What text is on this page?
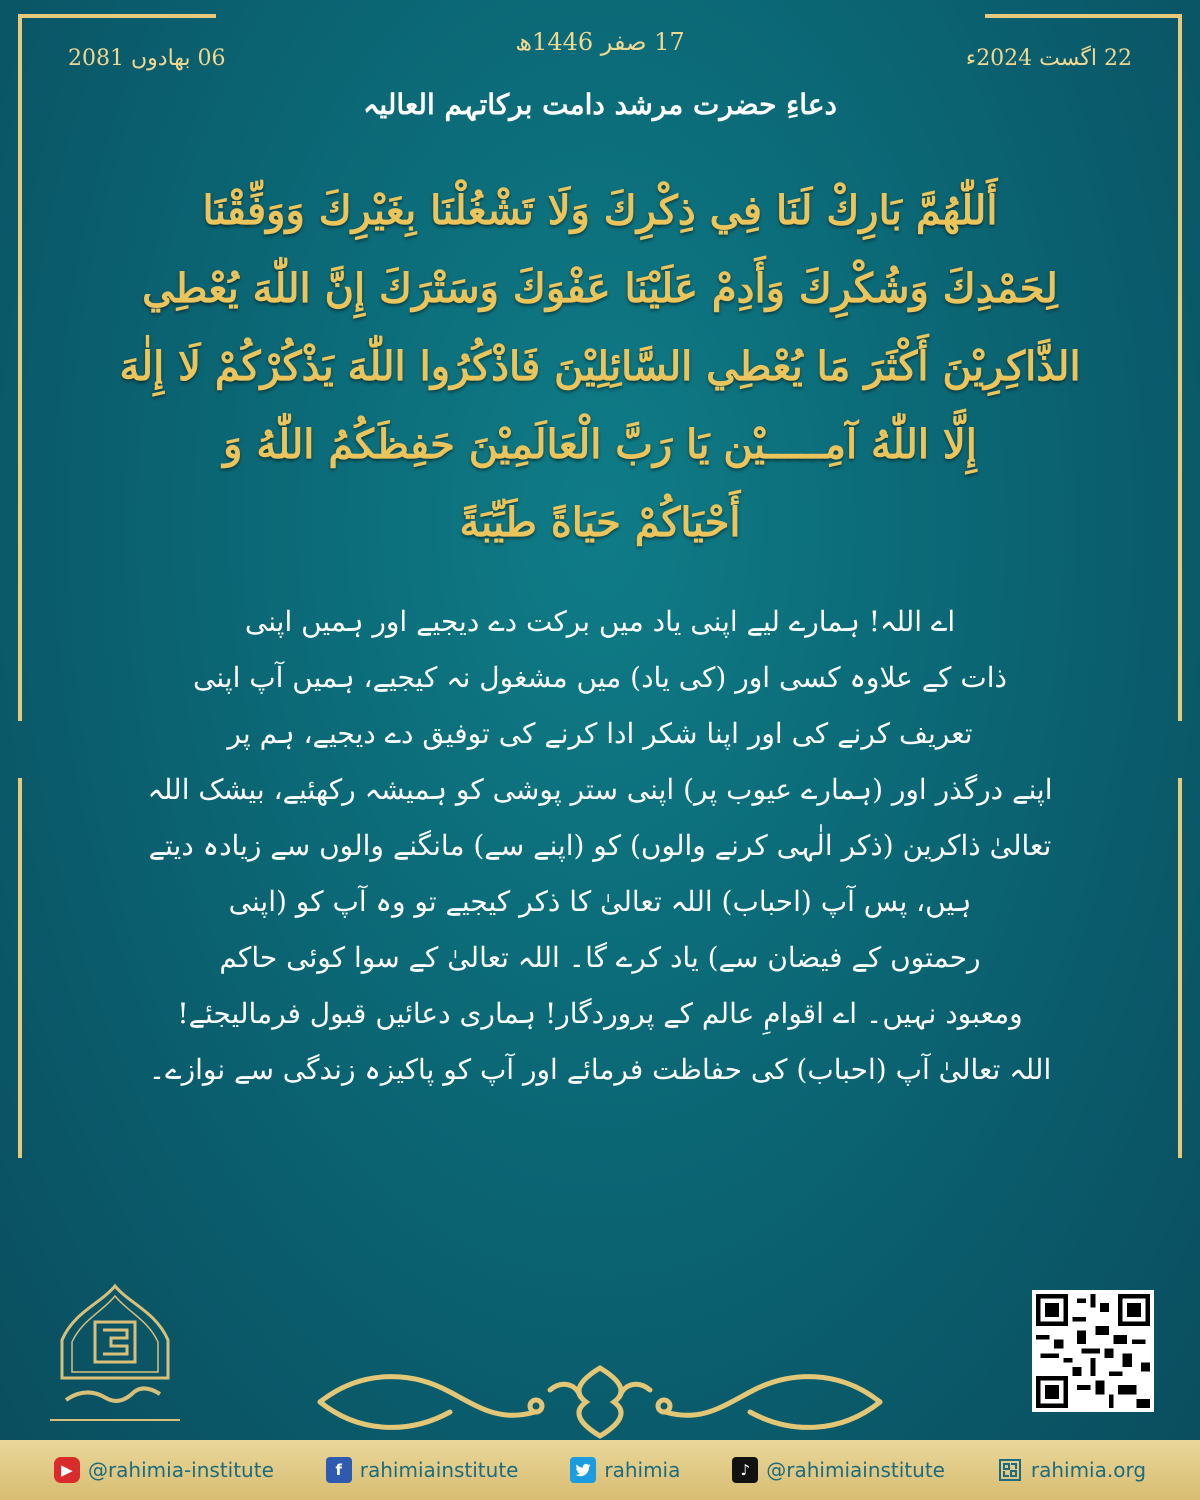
17 صفر 1446ھ
22 اگست 2024ء
06 بھادوں 2081
دعاءِ حضرت مرشد دامت برکاتہم العالیہ
أَللّٰهُمَّ بَارِكْ لَنَا فِي ذِكْرِكَ وَلَا تَشْغُلْنَا بِغَيْرِكَ وَوَفِّقْنَا
لِحَمْدِكَ وَشُكْرِكَ وَأَدِمْ عَلَيْنَا عَفْوَكَ وَسَتْرَكَ إِنَّ اللّٰهَ يُعْطِي
الذَّاكِرِيْنَ أَكْثَرَ مَا يُعْطِي السَّائِلِيْنَ فَاذْكُرُوا اللّٰهَ يَذْكُرْكُمْ لَا إِلٰهَ
إِلَّا اللّٰهُ آمِـــــيْن يَا رَبَّ الْعَالَمِيْنَ حَفِظَكُمُ اللّٰهُ وَ
أَحْيَاكُمْ حَيَاةً طَيِّبَةً
اے اللہ! ہمارے لیے اپنی یاد میں برکت دے دیجیے اور ہمیں اپنی
ذات کے علاوہ کسی اور (کی یاد) میں مشغول نہ کیجیے، ہمیں آپ اپنی
تعریف کرنے کی اور اپنا شکر ادا کرنے کی توفیق دے دیجیے، ہم پر
اپنے درگذر اور (ہمارے عیوب پر) اپنی ستر پوشی کو ہمیشہ رکھئیے، بیشک اللہ
تعالیٰ ذاکرین (ذکر الٰہی کرنے والوں) کو (اپنے سے) مانگنے والوں سے زیادہ دیتے
ہیں، پس آپ (احباب) اللہ تعالیٰ کا ذکر کیجیے تو وہ آپ کو (اپنی
رحمتوں کے فیضان سے) یاد کرے گا۔ اللہ تعالیٰ کے سوا کوئی حاکم
ومعبود نہیں۔ اے اقوامِ عالم کے پروردگار! ہماری دعائیں قبول فرمالیجئے!
اللہ تعالیٰ آپ (احباب) کی حفاظت فرمائے اور آپ کو پاکیزہ زندگی سے نوازے۔
▶ @rahimia-institute	f rahimiainstitute	rahimia	♪ @rahimiainstitute	rahimia.org
